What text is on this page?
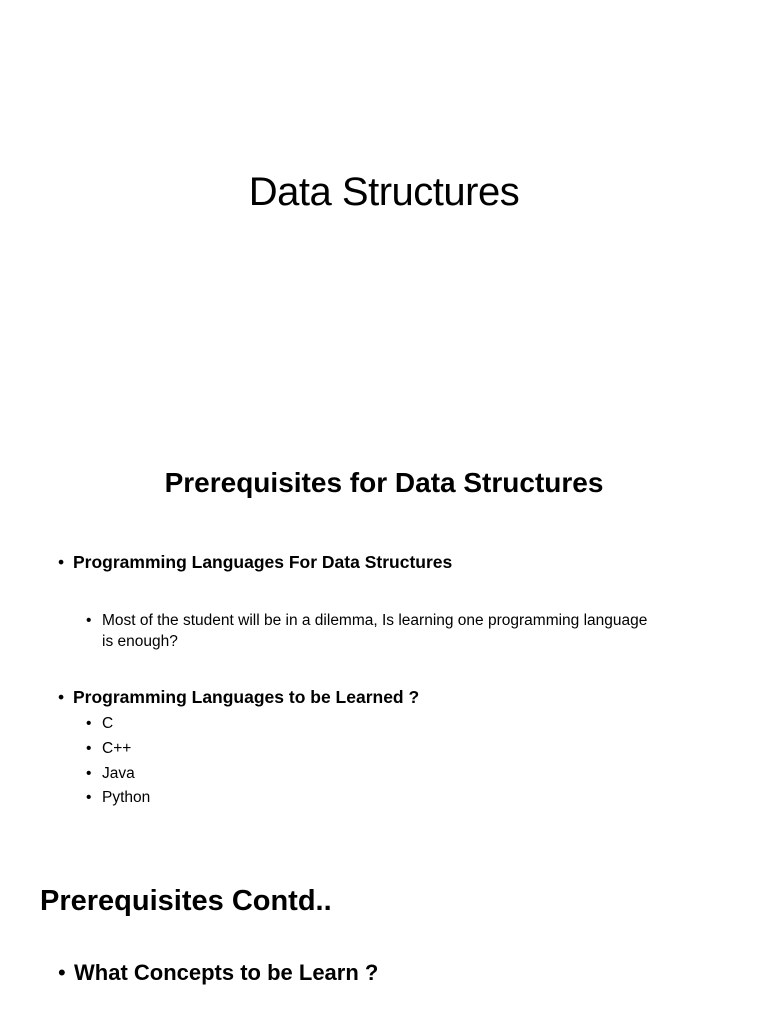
Data Structures
Prerequisites for Data Structures
• Programming Languages For Data Structures
• Most of the student will be in a dilemma, Is learning one programming language is enough?
• Programming Languages to be Learned ?
• C
• C++
• Java
• Python
Prerequisites Contd..
• What Concepts to be Learn ?
